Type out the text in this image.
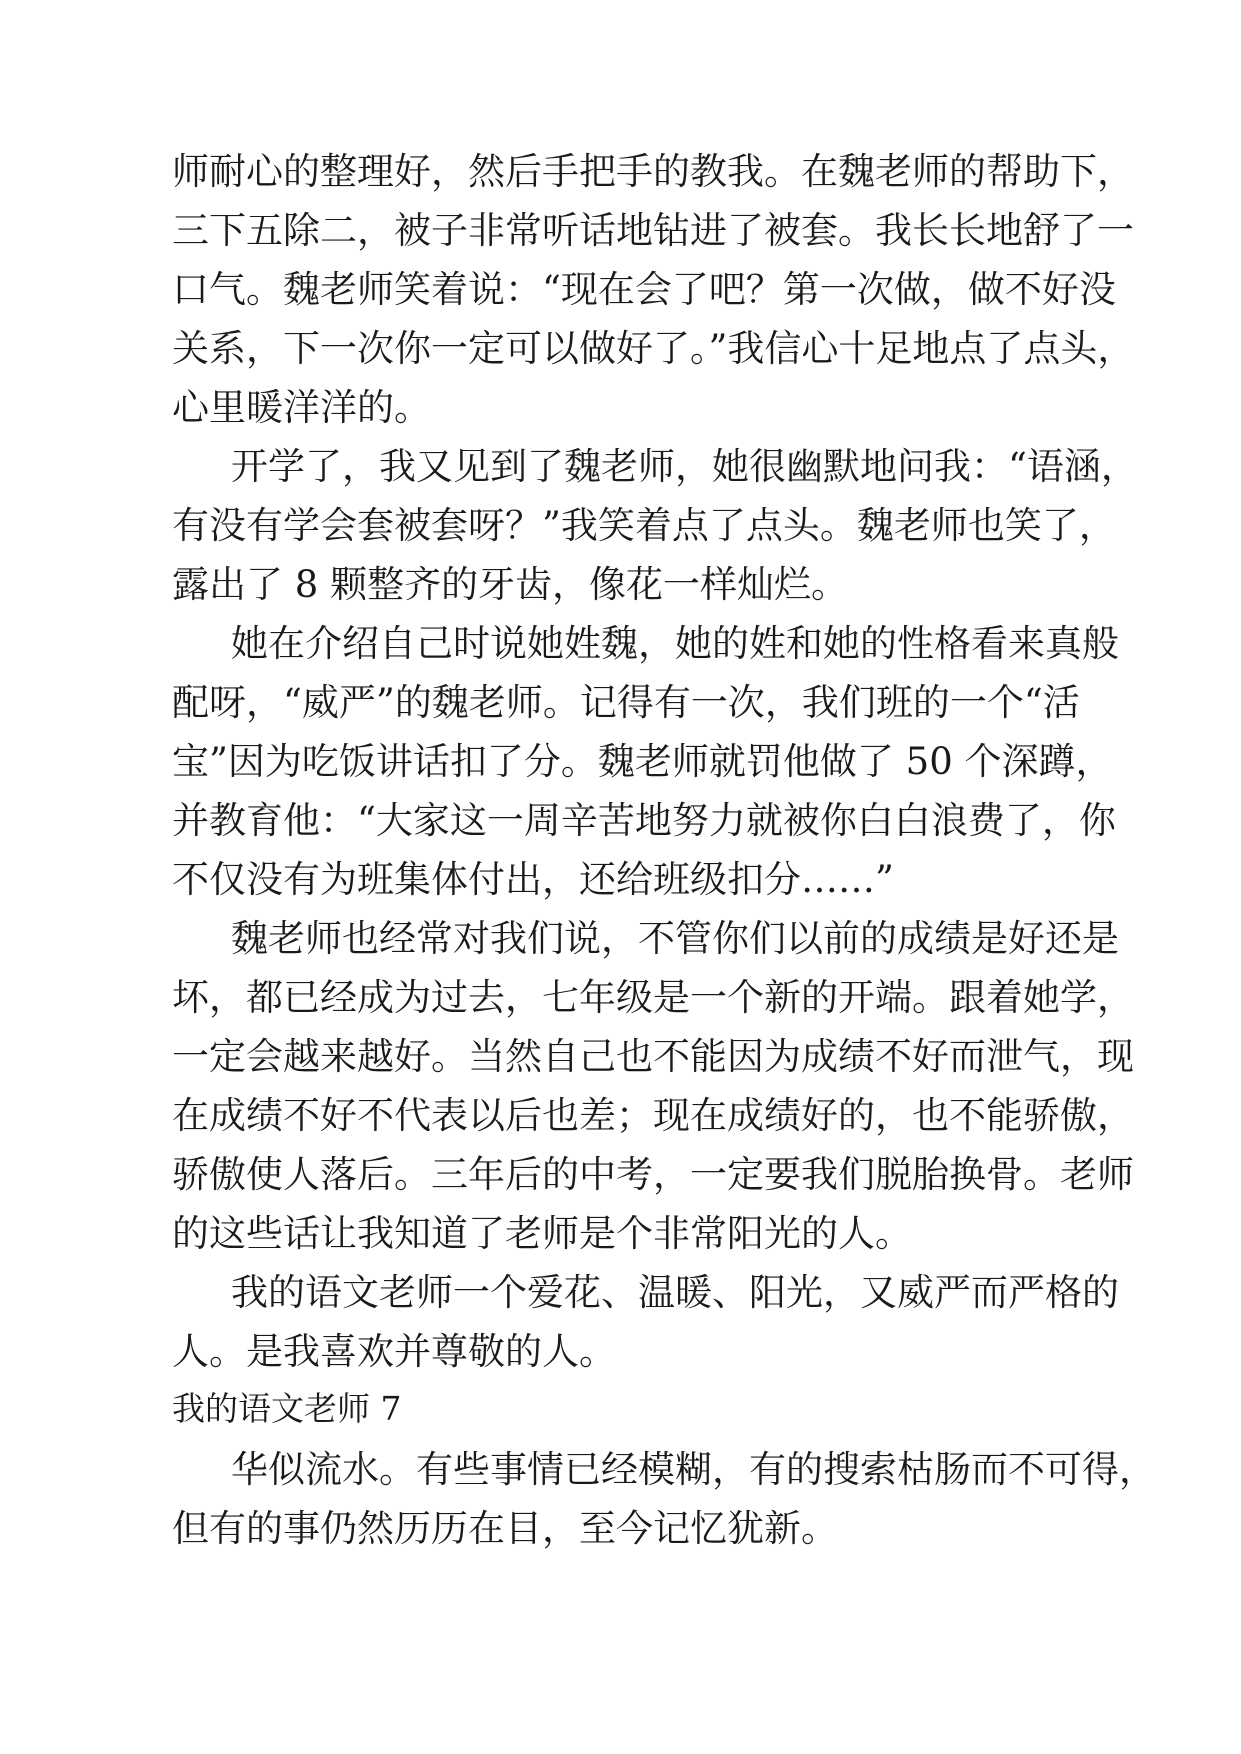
师耐心的整理好，然后手把手的教我。在魏老师的帮助下，
三下五除二，被子非常听话地钻进了被套。我长长地舒了一
口气。魏老师笑着说：“现在会了吧？第一次做，做不好没
关系，下一次你一定可以做好了。”我信心十足地点了点头，
心里暖洋洋的。
开学了，我又见到了魏老师，她很幽默地问我：“语涵，
有没有学会套被套呀？”我笑着点了点头。魏老师也笑了，
露出了 8 颗整齐的牙齿，像花一样灿烂。
她在介绍自己时说她姓魏，她的姓和她的性格看来真般
配呀，“威严”的魏老师。记得有一次，我们班的一个“活
宝”因为吃饭讲话扣了分。魏老师就罚他做了 50 个深蹲，
并教育他：“大家这一周辛苦地努力就被你白白浪费了，你
不仅没有为班集体付出，还给班级扣分……”
魏老师也经常对我们说，不管你们以前的成绩是好还是
坏，都已经成为过去，七年级是一个新的开端。跟着她学，
一定会越来越好。当然自己也不能因为成绩不好而泄气，现
在成绩不好不代表以后也差；现在成绩好的，也不能骄傲，
骄傲使人落后。三年后的中考，一定要我们脱胎换骨。老师
的这些话让我知道了老师是个非常阳光的人。
我的语文老师一个爱花、温暖、阳光，又威严而严格的
人。是我喜欢并尊敬的人。
我的语文老师 7
华似流水。有些事情已经模糊，有的搜索枯肠而不可得，
但有的事仍然历历在目，至今记忆犹新。
